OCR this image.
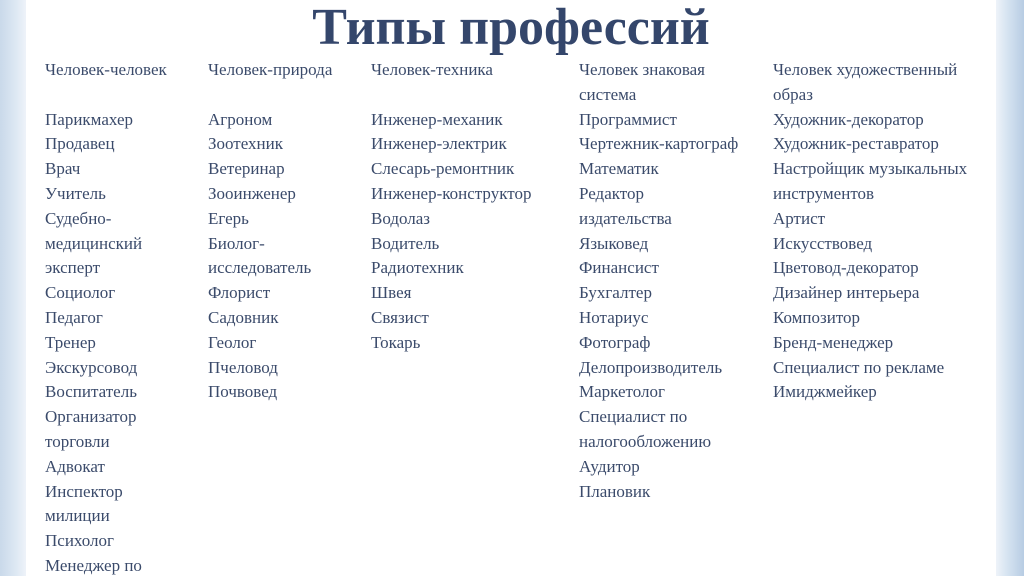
Типы профессий
Человек-человек
Парикмахер
Продавец
Врач
Учитель
Судебно-
медицинский
эксперт
Социолог
Педагог
Тренер
Экскурсовод
Воспитатель
Организатор
торговли
Адвокат
Инспектор
милиции
Психолог
Менеджер по
Человек-природа
Агроном
Зоотехник
Ветеринар
Зооинженер
Егерь
Биолог-
исследователь
Флорист
Садовник
Геолог
Пчеловод
Почвовед
Человек-техника
Инженер-механик
Инженер-электрик
Слесарь-ремонтник
Инженер-конструктор
Водолаз
Водитель
Радиотехник
Швея
Связист
Токарь
Человек знаковая
система
Программист
Чертежник-картограф
Математик
Редактор
издательства
Языковед
Финансист
Бухгалтер
Нотариус
Фотограф
Делопроизводитель
Маркетолог
Специалист по
налогообложению
Аудитор
Плановик
Человек художественный
образ
Художник-декоратор
Художник-реставратор
Настройщик музыкальных
инструментов
Артист
Искусствовед
Цветовод-декоратор
Дизайнер интерьера
Композитор
Бренд-менеджер
Специалист по рекламе
Имиджмейкер
